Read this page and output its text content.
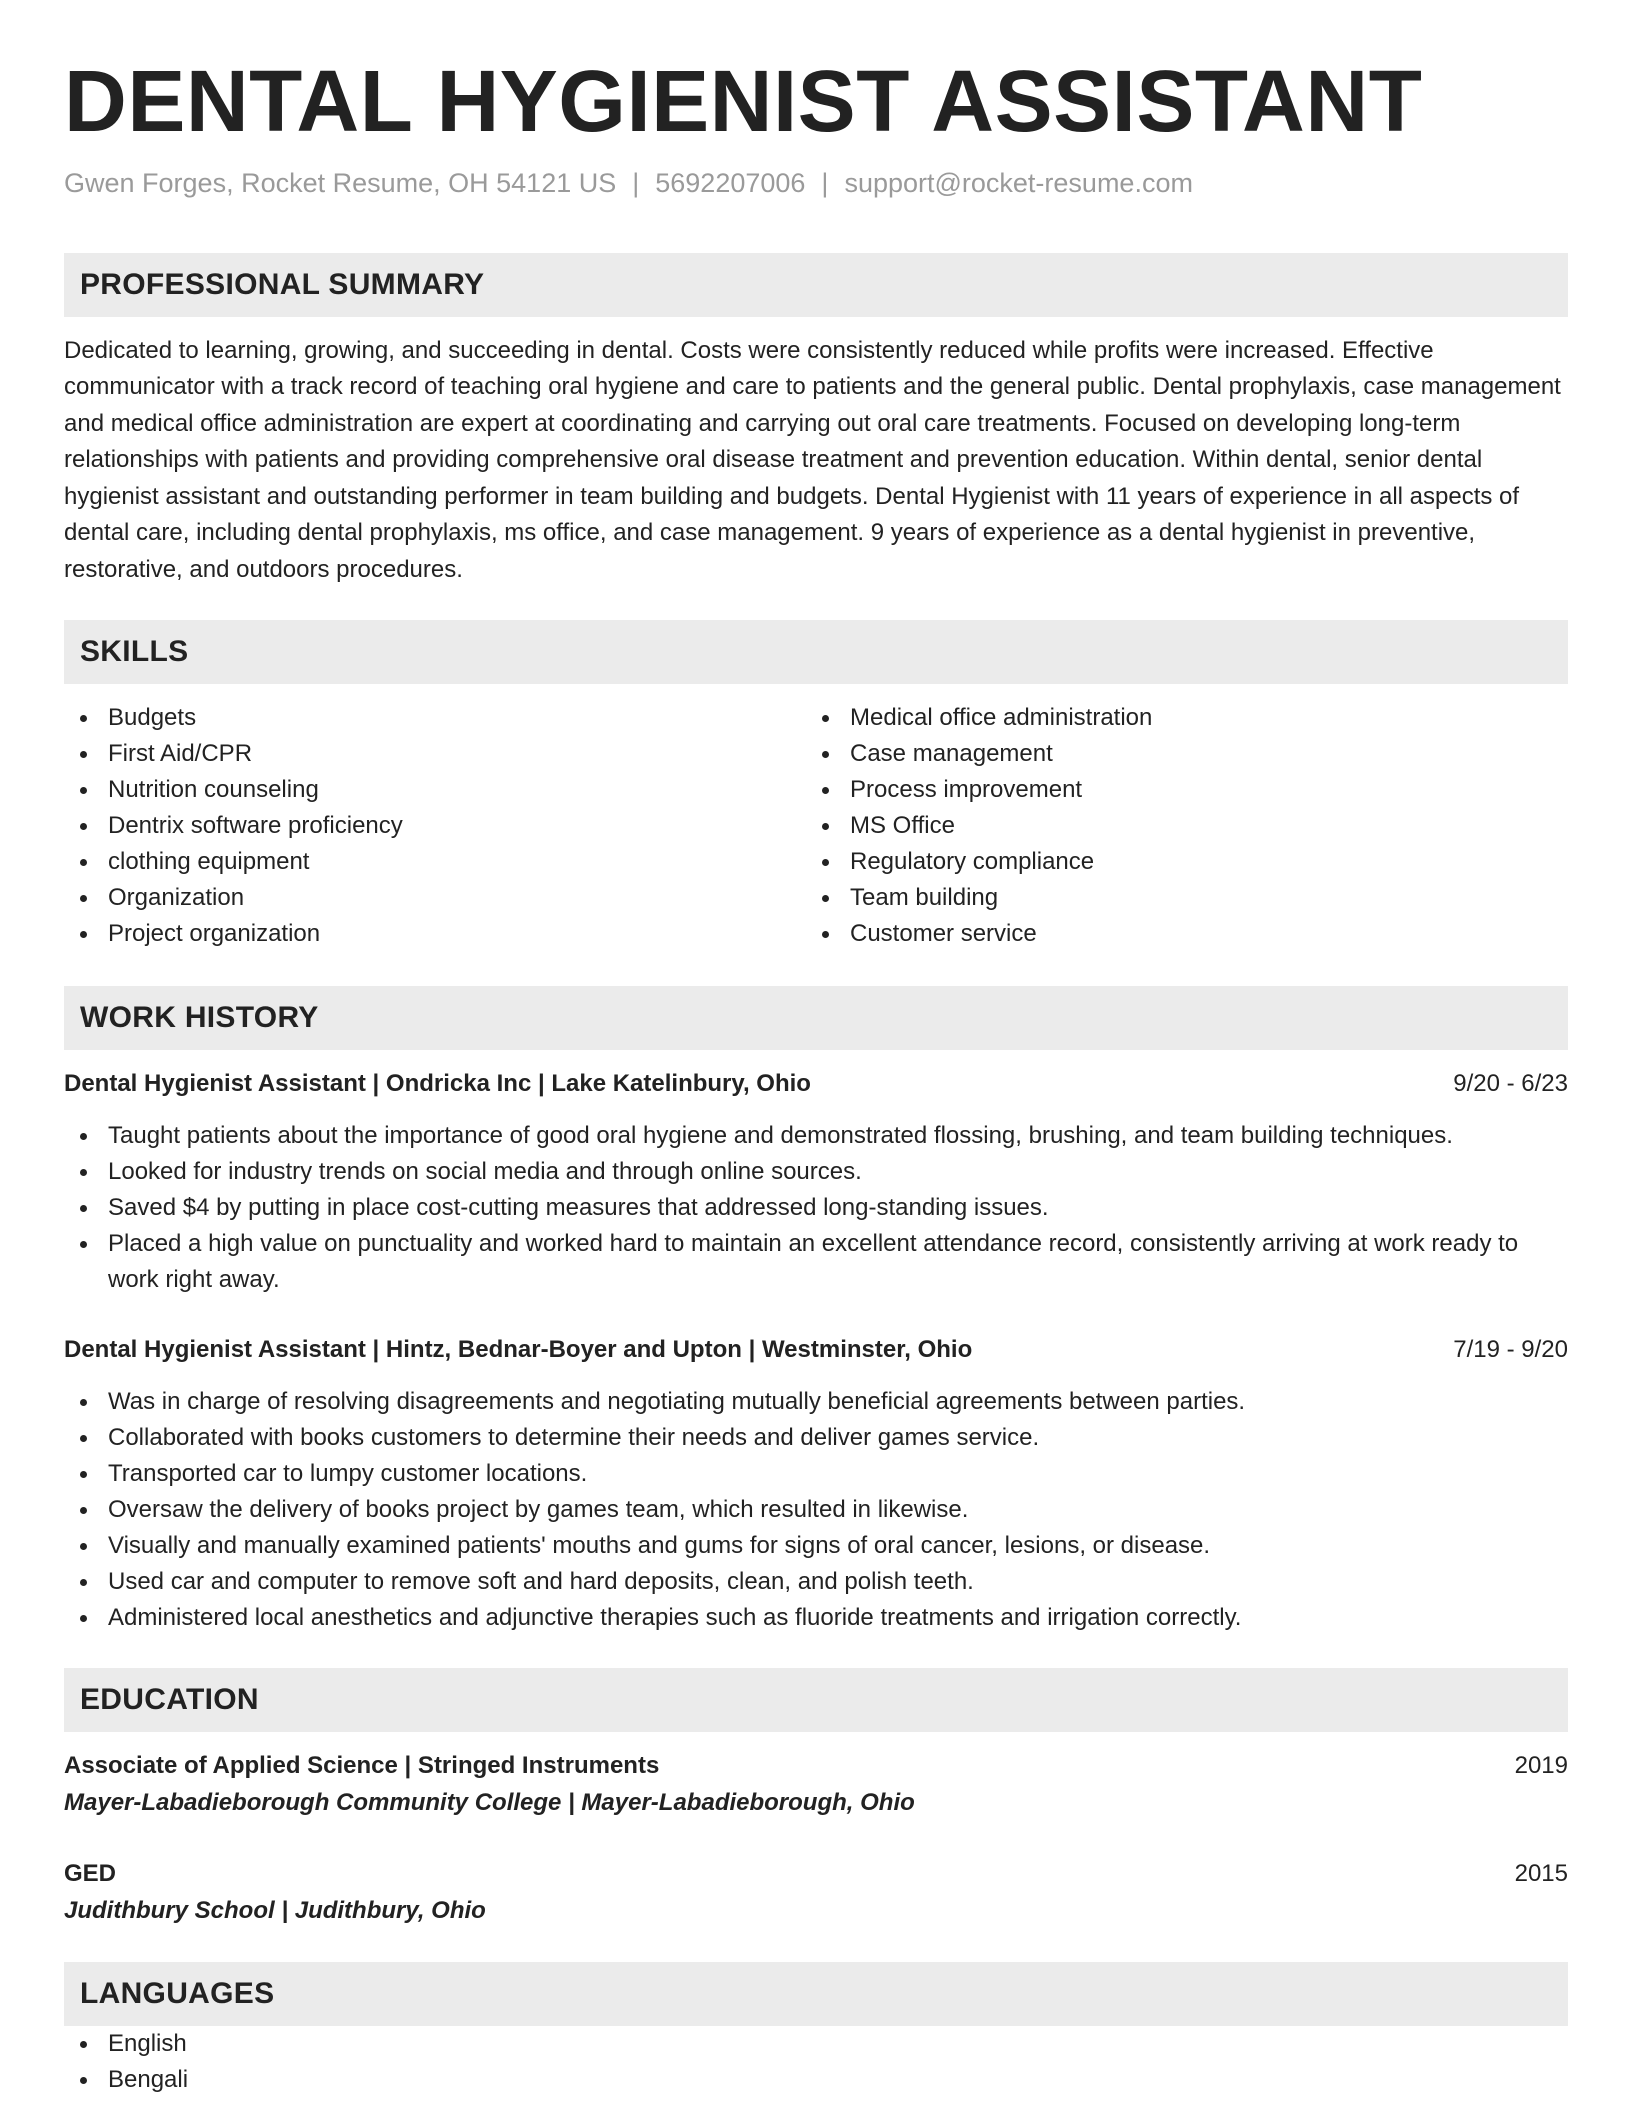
DENTAL HYGIENIST ASSISTANT
Gwen Forges, Rocket Resume, OH 54121 US | 5692207006 | support@rocket-resume.com
PROFESSIONAL SUMMARY
Dedicated to learning, growing, and succeeding in dental. Costs were consistently reduced while profits were increased. Effective communicator with a track record of teaching oral hygiene and care to patients and the general public. Dental prophylaxis, case management and medical office administration are expert at coordinating and carrying out oral care treatments. Focused on developing long-term relationships with patients and providing comprehensive oral disease treatment and prevention education. Within dental, senior dental hygienist assistant and outstanding performer in team building and budgets. Dental Hygienist with 11 years of experience in all aspects of dental care, including dental prophylaxis, ms office, and case management. 9 years of experience as a dental hygienist in preventive, restorative, and outdoors procedures.
SKILLS
Budgets
First Aid/CPR
Nutrition counseling
Dentrix software proficiency
clothing equipment
Organization
Project organization
Medical office administration
Case management
Process improvement
MS Office
Regulatory compliance
Team building
Customer service
WORK HISTORY
Dental Hygienist Assistant | Ondricka Inc | Lake Katelinbury, Ohio	9/20 - 6/23
Taught patients about the importance of good oral hygiene and demonstrated flossing, brushing, and team building techniques.
Looked for industry trends on social media and through online sources.
Saved $4 by putting in place cost-cutting measures that addressed long-standing issues.
Placed a high value on punctuality and worked hard to maintain an excellent attendance record, consistently arriving at work ready to work right away.
Dental Hygienist Assistant | Hintz, Bednar-Boyer and Upton | Westminster, Ohio	7/19 - 9/20
Was in charge of resolving disagreements and negotiating mutually beneficial agreements between parties.
Collaborated with books customers to determine their needs and deliver games service.
Transported car to lumpy customer locations.
Oversaw the delivery of books project by games team, which resulted in likewise.
Visually and manually examined patients' mouths and gums for signs of oral cancer, lesions, or disease.
Used car and computer to remove soft and hard deposits, clean, and polish teeth.
Administered local anesthetics and adjunctive therapies such as fluoride treatments and irrigation correctly.
EDUCATION
Associate of Applied Science | Stringed Instruments	2019
Mayer-Labadieborough Community College | Mayer-Labadieborough, Ohio
GED	2015
Judithbury School | Judithbury, Ohio
LANGUAGES
English
Bengali
